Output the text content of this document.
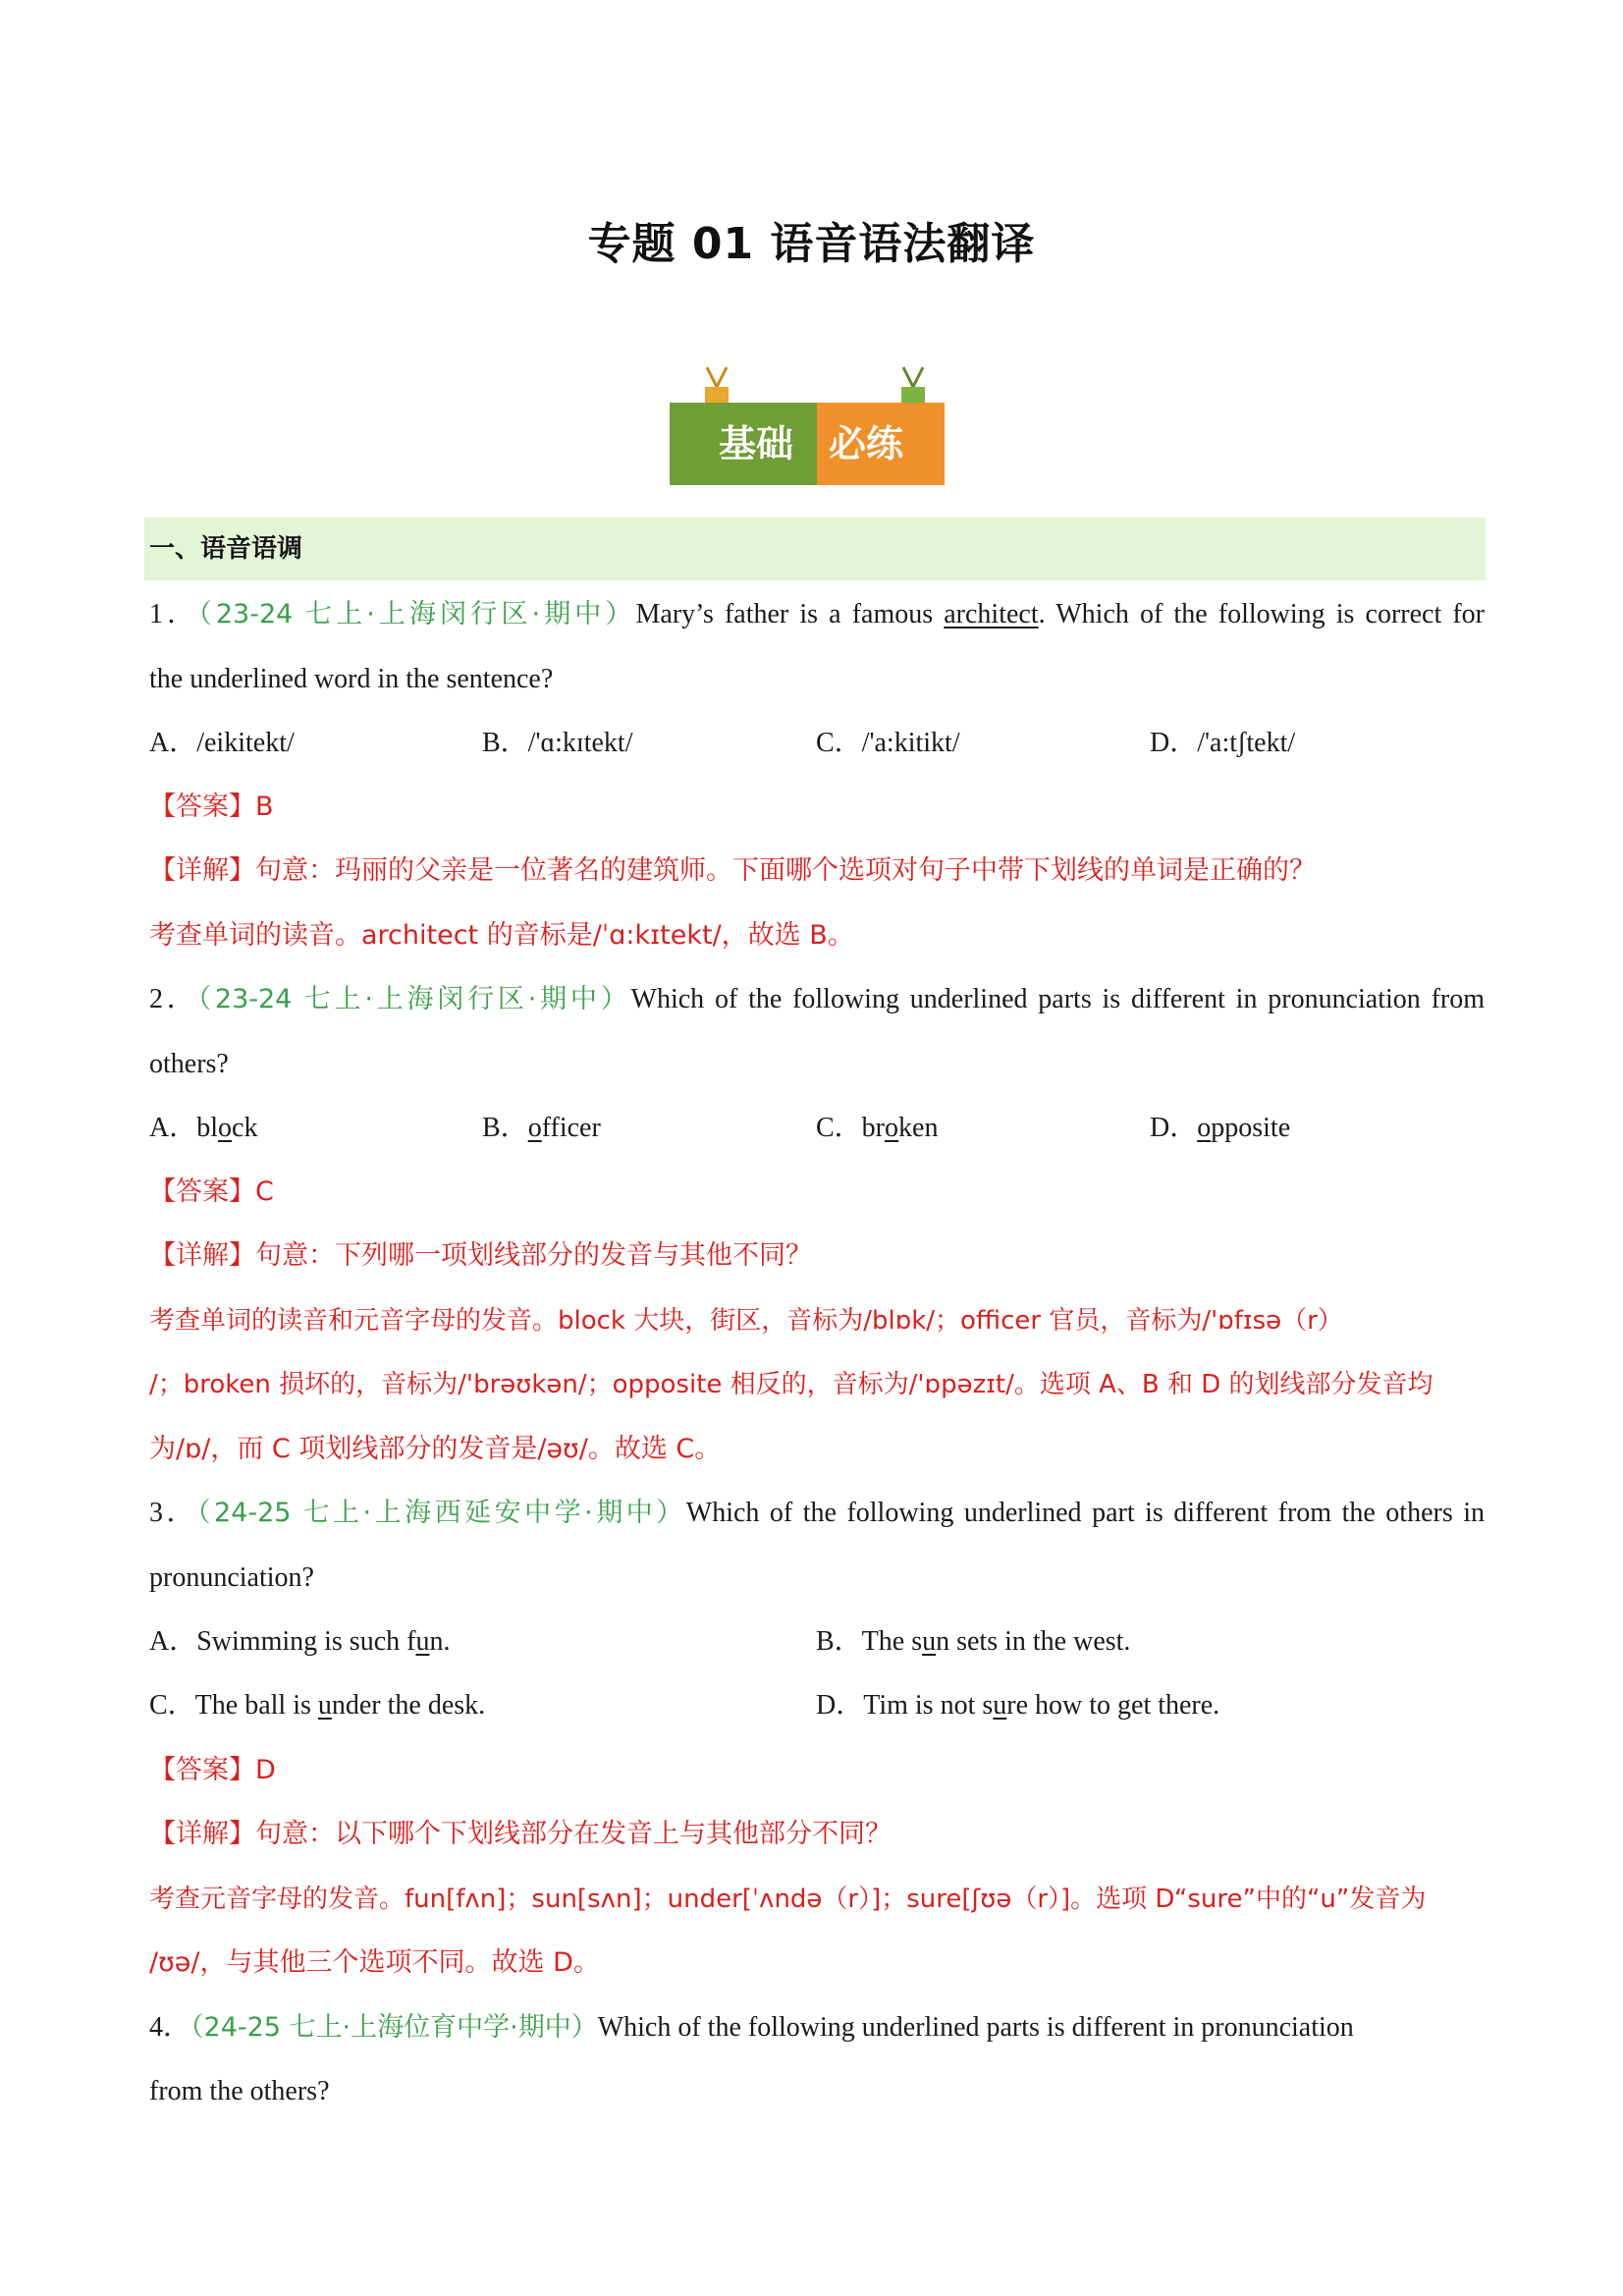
专题 01 语音语法翻译
基础 必练
一、语音语调
1．（23-24 七上·上海闵行区·期中）Mary’s father is a famous architect. Which of the following is correct for
the underlined word in the sentence?
A．/eikitekt/	B．/'ɑ:kɪtekt/	C．/'a:kitikt/	D．/'a:tʃtekt/
【答案】B
【详解】句意：玛丽的父亲是一位著名的建筑师。下面哪个选项对句子中带下划线的单词是正确的？
考查单词的读音。architect 的音标是/ˈɑ:kɪtekt/，故选 B。
2．（23-24 七上·上海闵行区·期中）Which of the following underlined parts is different in pronunciation from
others?
A．block	B．officer	C．broken	D．opposite
【答案】C
【详解】句意：下列哪一项划线部分的发音与其他不同？
考查单词的读音和元音字母的发音。block 大块，街区，音标为/blɒk/；officer 官员，音标为/'ɒfɪsə（r）
/；broken 损坏的，音标为/'brəʊkən/；opposite 相反的，音标为/'ɒpəzɪt/。选项 A、B 和 D 的划线部分发音均
为/ɒ/，而 C 项划线部分的发音是/əʊ/。故选 C。
3．（24-25 七上·上海西延安中学·期中）Which of the following underlined part is different from the others in
pronunciation?
A．Swimming is such fun.	B．The sun sets in the west.
C．The ball is under the desk.	D．Tim is not sure how to get there.
【答案】D
【详解】句意：以下哪个下划线部分在发音上与其他部分不同？
考查元音字母的发音。fun[fʌn]；sun[sʌn]；under[ˈʌndə（r）]；sure[ʃʊə（r）]。选项 D“sure”中的“u”发音为
/ʊə/，与其他三个选项不同。故选 D。
4．（24-25 七上·上海位育中学·期中）Which of the following underlined parts is different in pronunciation
from the others?
